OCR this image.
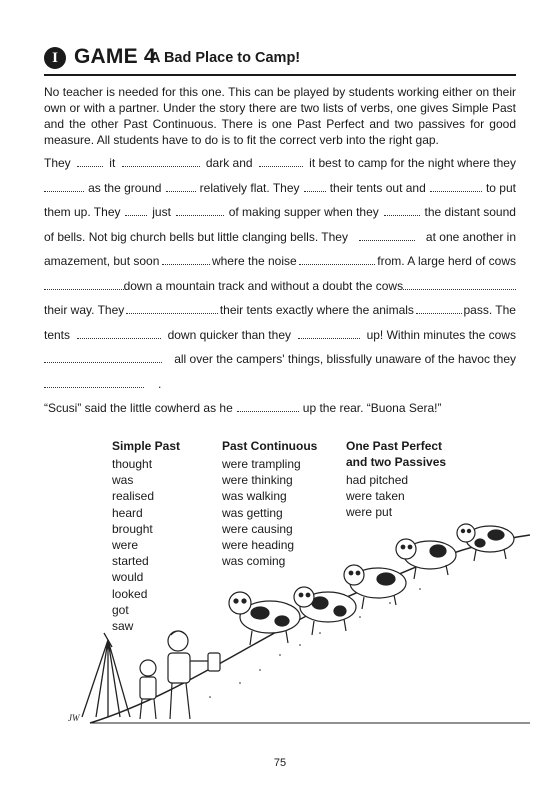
I GAME 4
A Bad Place to Camp!
No teacher is needed for this one. This can be played by students working either on their own or with a partner. Under the story there are two lists of verbs, one gives Simple Past and the other Past Continuous. There is one Past Perfect and two passives for good measure. All students have to do is to fit the correct verb into the right gap.
They	it	dark and	it best to camp for the night where they
as the ground	relatively flat. They	their tents out and	to put
them up. They	just	of making supper when they	the distant sound
of bells. Not big church bells but little clanging bells. They	at one another in
amazement, but soon	where the noise	from. A large herd of cows
down a mountain track and without a doubt the cows
their way. They	their tents exactly where the animals	pass. The
tents	down quicker than they	up! Within minutes the cows
all over the campers' things, blissfully unaware of the havoc they
.
“Scusi” said the little cowherd as he	up the rear. “Buona Sera!”
Simple Past
thought
was
realised
heard
brought
were
started
would
looked
got
saw
Past Continuous
were trampling
were thinking
was walking
was getting
were causing
were heading
was coming
One Past Perfect and two Passives
had pitched
were taken
were put
JW
75
